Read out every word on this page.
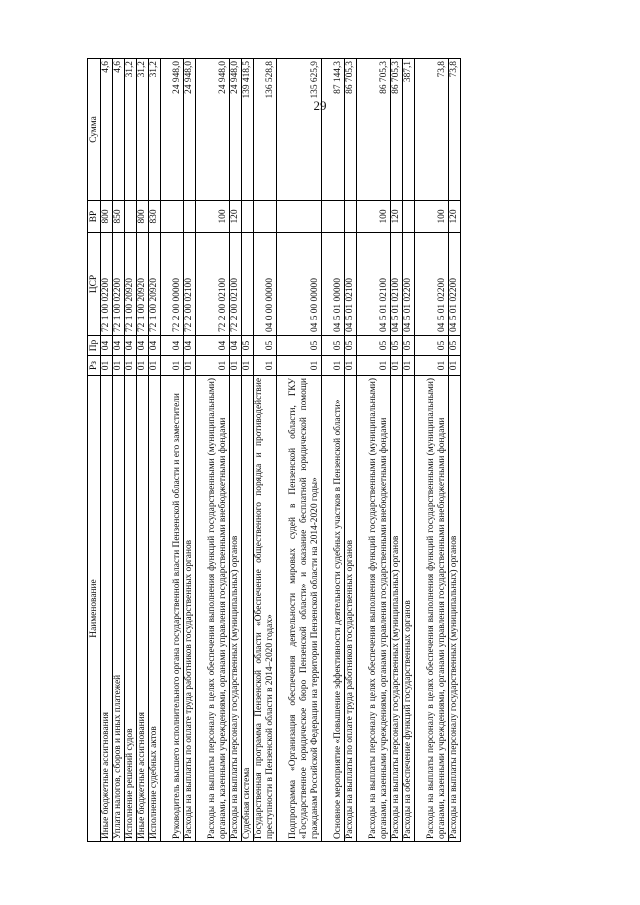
29
Наименование	Рз	Пр	ЦСР	ВР	Сумма
Иные бюджетные ассигнования	01	04	72 1 00 02200	800	4,6
Уплата налогов, сборов и иных платежей	01	04	72 1 00 02200	850	4,6
Исполнение решений судов	01	04	72 1 00 20920		31,2
Иные бюджетные ассигнования	01	04	72 1 00 20920	800	31,2
Исполнение судебных актов	01	04	72 1 00 20920	830	31,2
Руководитель высшего исполнительного органа государственной власти Пензенской области и его заместители	01	04	72 2 00 00000		24 948,0
Расходы на выплаты по оплате труда работников государственных органов	01	04	72 2 00 02100		24 948,0
Расходы на выплаты персоналу в целях обеспечения выполнения функций государственными (муниципальными) органами, казенными учреждениями, органами управления государственными внебюджетными фондами	01	04	72 2 00 02100	100	24 948,0
Расходы на выплаты персоналу государственных (муниципальных) органов	01	04	72 2 00 02100	120	24 948,0
Судебная система	01	05			139 418,5
Государственная программа Пензенской области «Обеспечение общественного порядка и противодействие преступности в Пензенской области в 2014–2020 годах»	01	05	04 0 00 00000		136 528,8
Подпрограмма «Организация обеспечения деятельности мировых судей в Пензенской области, ГКУ «Государственное юридическое бюро Пензенской области» и оказание бесплатной юридической помощи гражданам Российской Федерации на территории Пензенской области на 2014-2020 годы»	01	05	04 5 00 00000		135 625,9
Основное мероприятие «Повышение эффективности деятельности судебных участков в Пензенской области»	01	05	04 5 01 00000		87 144,3
Расходы на выплаты по оплате труда работников государственных органов	01	05	04 5 01 02100		86 705,3
Расходы на выплаты персоналу в целях обеспечения выполнения функций государственными (муниципальными) органами, казенными учреждениями, органами управления государственными внебюджетными фондами	01	05	04 5 01 02100	100	86 705,3
Расходы на выплаты персоналу государственных (муниципальных) органов	01	05	04 5 01 02100	120	86 705,3
Расходы на обеспечение функций государственных органов	01	05	04 5 01 02200		387,1
Расходы на выплаты персоналу в целях обеспечения выполнения функций государственными (муниципальными) органами, казенными учреждениями, органами управления государственными внебюджетными фондами	01	05	04 5 01 02200	100	73,8
Расходы на выплаты персоналу государственных (муниципальных) органов	01	05	04 5 01 02200	120	73,8
